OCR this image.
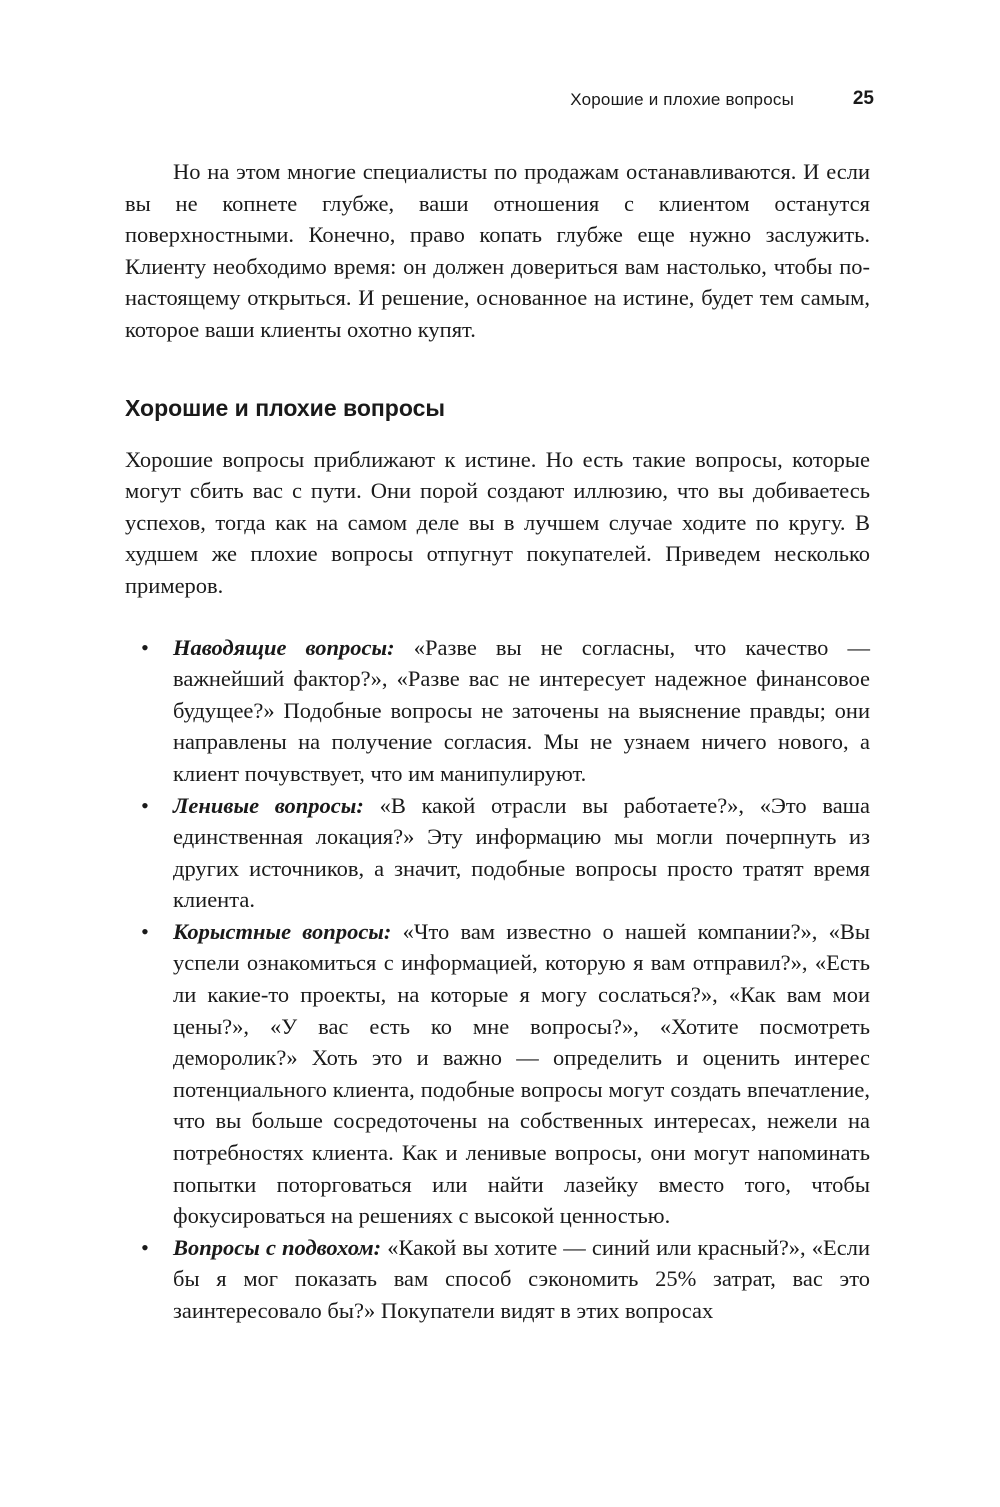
Хорошие и плохие вопросы	25

Но на этом многие специалисты по продажам останавливаются. И если вы не копнете глубже, ваши отношения с клиентом останутся поверхностными. Конечно, право копать глубже еще нужно заслужить. Клиенту необходимо время: он должен довериться вам настолько, чтобы по-настоящему открыться. И решение, основанное на истине, будет тем самым, которое ваши клиенты охотно купят.

Хорошие и плохие вопросы

Хорошие вопросы приближают к истине. Но есть такие вопросы, которые могут сбить вас с пути. Они порой создают иллюзию, что вы добиваетесь успехов, тогда как на самом деле вы в лучшем случае ходите по кругу. В худшем же плохие вопросы отпугнут покупателей. Приведем несколько примеров.

• Наводящие вопросы: «Разве вы не согласны, что качество — важнейший фактор?», «Разве вас не интересует надежное финансовое будущее?» Подобные вопросы не заточены на выяснение правды; они направлены на получение согласия. Мы не узнаем ничего нового, а клиент почувствует, что им манипулируют.
• Ленивые вопросы: «В какой отрасли вы работаете?», «Это ваша единственная локация?» Эту информацию мы могли почерпнуть из других источников, а значит, подобные вопросы просто тратят время клиента.
• Корыстные вопросы: «Что вам известно о нашей компании?», «Вы успели ознакомиться с информацией, которую я вам отправил?», «Есть ли какие-то проекты, на которые я могу сослаться?», «Как вам мои цены?», «У вас есть ко мне вопросы?», «Хотите посмотреть деморолик?» Хоть это и важно — определить и оценить интерес потенциального клиента, подобные вопросы могут создать впечатление, что вы больше сосредоточены на собственных интересах, нежели на потребностях клиента. Как и ленивые вопросы, они могут напоминать попытки поторговаться или найти лазейку вместо того, чтобы фокусироваться на решениях с высокой ценностью.
• Вопросы с подвохом: «Какой вы хотите — синий или красный?», «Если бы я мог показать вам способ сэкономить 25% затрат, вас это заинтересовало бы?» Покупатели видят в этих вопросах
